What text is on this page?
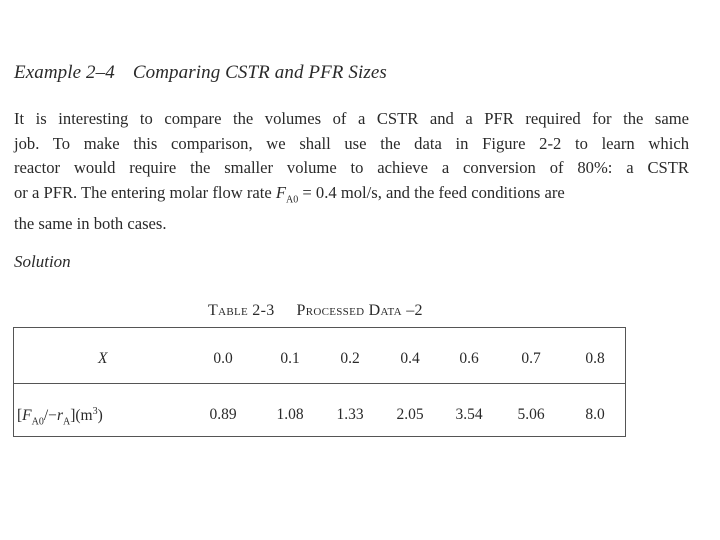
Example 2–4 Comparing CSTR and PFR Sizes
It is interesting to compare the volumes of a CSTR and a PFR required for the same
job. To make this comparison, we shall use the data in Figure 2-2 to learn which
reactor would require the smaller volume to achieve a conversion of 80%: a CSTR
or a PFR. The entering molar flow rate $F_{A0} = 0.4$ mol/s, and the feed conditions are
the same in both cases.
Solution
Table 2-3 Processed Data –2
X	0.0	0.1	0.2	0.4	0.6	0.7	0.8
$[F_{A0}/-r_A](m^3)$	0.89	1.08 1.33 2.05 3.54 5.06	8.0
